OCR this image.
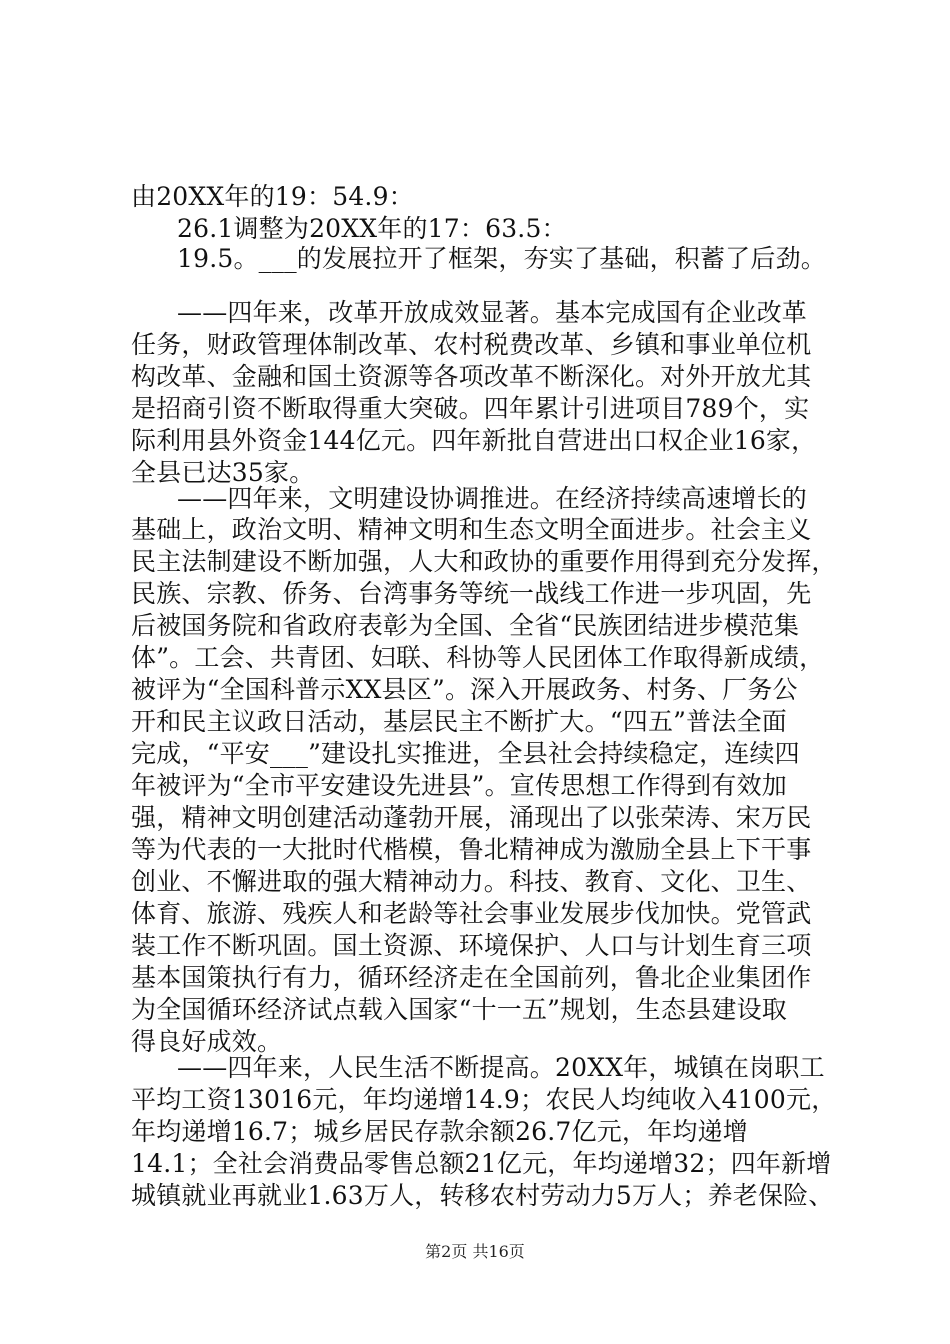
由20XX年的19：54.9：
26.1调整为20XX年的17：63.5：
19.5。___的发展拉开了框架，夯实了基础，积蓄了后劲。
——四年来，改革开放成效显著。基本完成国有企业改革
任务，财政管理体制改革、农村税费改革、乡镇和事业单位机
构改革、金融和国土资源等各项改革不断深化。对外开放尤其
是招商引资不断取得重大突破。四年累计引进项目789个，实
际利用县外资金144亿元。四年新批自营进出口权企业16家，
全县已达35家。
——四年来，文明建设协调推进。在经济持续高速增长的
基础上，政治文明、精神文明和生态文明全面进步。社会主义
民主法制建设不断加强，人大和政协的重要作用得到充分发挥，
民族、宗教、侨务、台湾事务等统一战线工作进一步巩固，先
后被国务院和省政府表彰为全国、全省“民族团结进步模范集
体”。工会、共青团、妇联、科协等人民团体工作取得新成绩，
被评为“全国科普示XX县区”。深入开展政务、村务、厂务公
开和民主议政日活动，基层民主不断扩大。“四五”普法全面
完成，“平安___”建设扎实推进，全县社会持续稳定，连续四
年被评为“全市平安建设先进县”。宣传思想工作得到有效加
强，精神文明创建活动蓬勃开展，涌现出了以张荣涛、宋万民
等为代表的一大批时代楷模，鲁北精神成为激励全县上下干事
创业、不懈进取的强大精神动力。科技、教育、文化、卫生、
体育、旅游、残疾人和老龄等社会事业发展步伐加快。党管武
装工作不断巩固。国土资源、环境保护、人口与计划生育三项
基本国策执行有力，循环经济走在全国前列，鲁北企业集团作
为全国循环经济试点载入国家“十一五”规划，生态县建设取
得良好成效。
——四年来，人民生活不断提高。20XX年，城镇在岗职工
平均工资13016元，年均递增14.9；农民人均纯收入4100元，
年均递增16.7；城乡居民存款余额26.7亿元，年均递增
14.1；全社会消费品零售总额21亿元，年均递增32；四年新增
城镇就业再就业1.63万人，转移农村劳动力5万人；养老保险、
第2页 共16页
